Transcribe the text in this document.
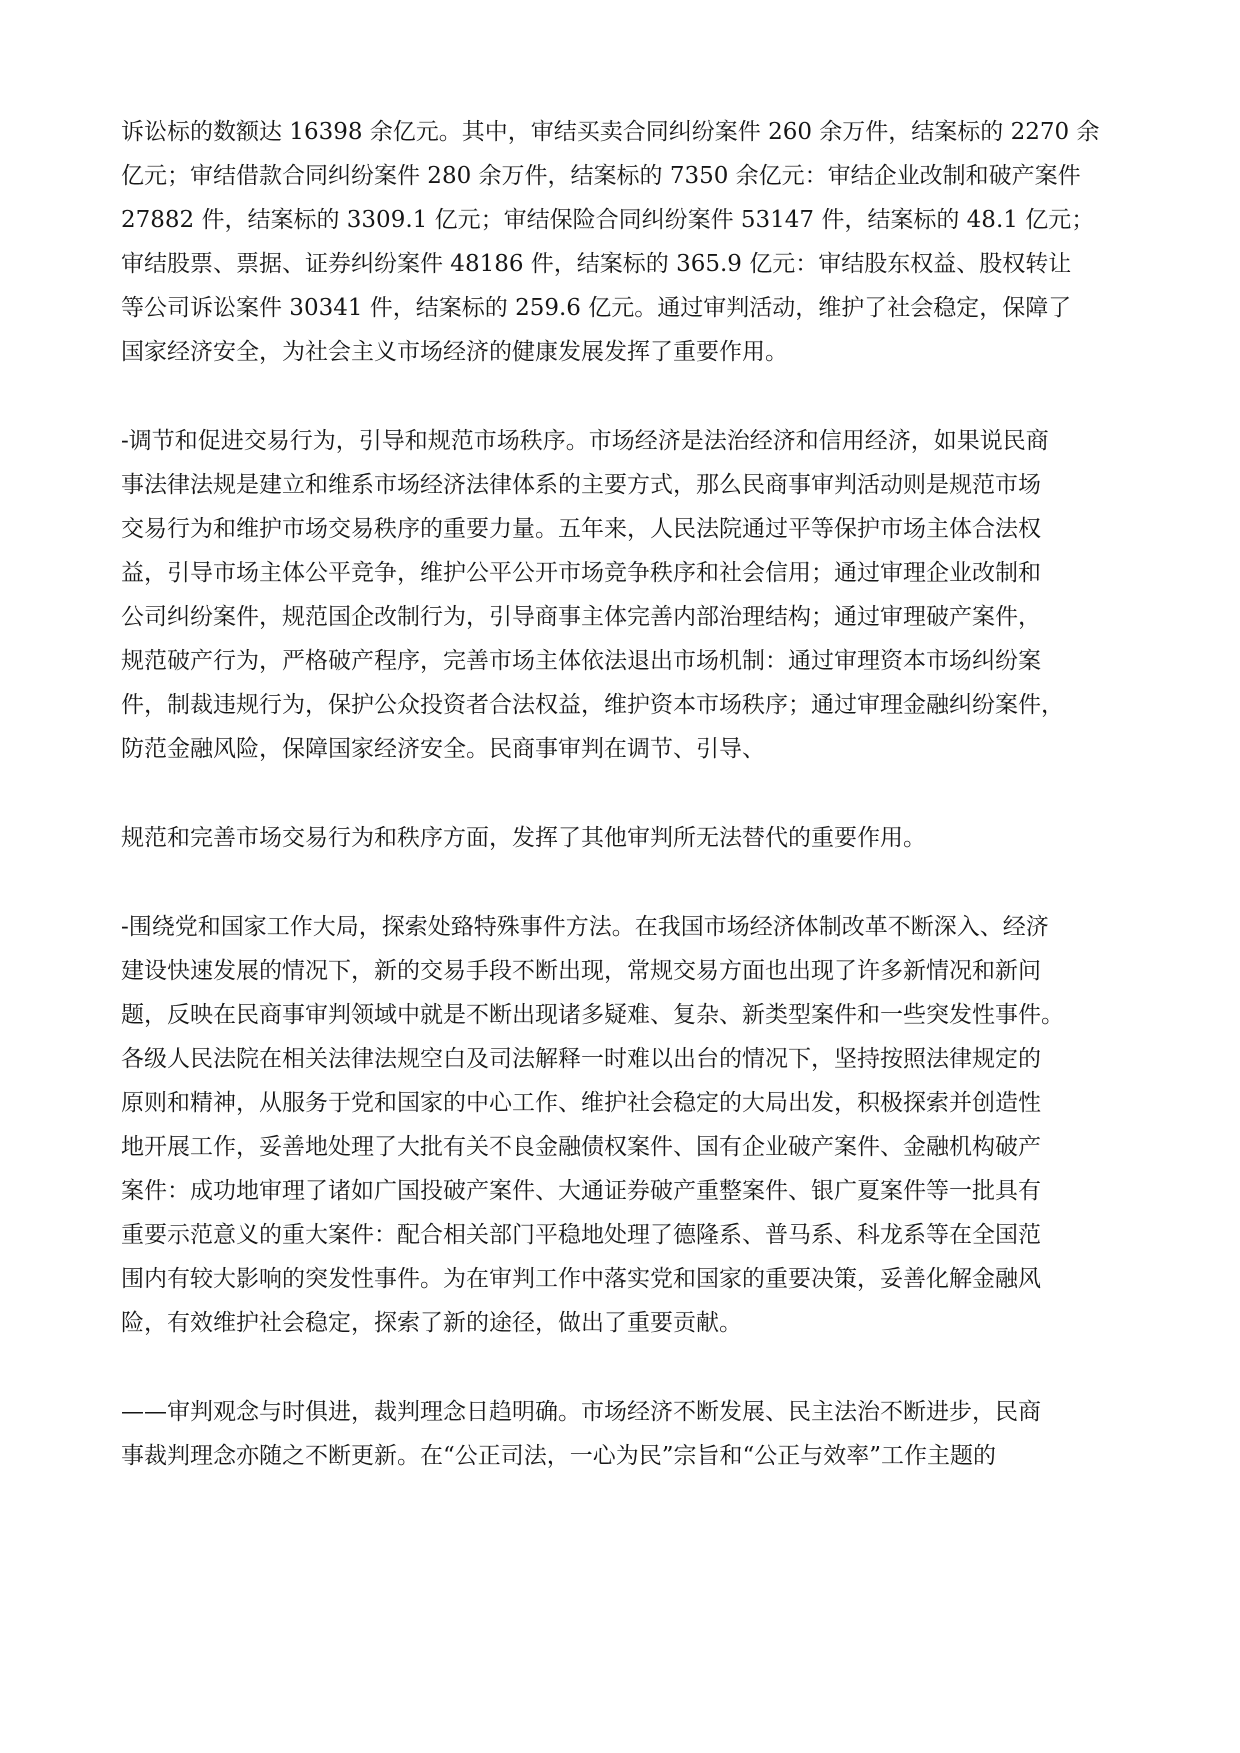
诉讼标的数额达 16398 余亿元。其中，审结买卖合同纠纷案件 260 余万件，结案标的 2270 余
亿元；审结借款合同纠纷案件 280 余万件，结案标的 7350 余亿元：审结企业改制和破产案件
27882 件，结案标的 3309.1 亿元；审结保险合同纠纷案件 53147 件，结案标的 48.1 亿元；
审结股票、票据、证券纠纷案件 48186 件，结案标的 365.9 亿元：审结股东权益、股权转让
等公司诉讼案件 30341 件，结案标的 259.6 亿元。通过审判活动，维护了社会稳定，保障了
国家经济安全，为社会主义市场经济的健康发展发挥了重要作用。
-调节和促进交易行为，引导和规范市场秩序。市场经济是法治经济和信用经济，如果说民商
事法律法规是建立和维系市场经济法律体系的主要方式，那么民商事审判活动则是规范市场
交易行为和维护市场交易秩序的重要力量。五年来，人民法院通过平等保护市场主体合法权
益，引导市场主体公平竞争，维护公平公开市场竞争秩序和社会信用；通过审理企业改制和
公司纠纷案件，规范国企改制行为，引导商事主体完善内部治理结构；通过审理破产案件，
规范破产行为，严格破产程序，完善市场主体依法退出市场机制：通过审理资本市场纠纷案
件，制裁违规行为，保护公众投资者合法权益，维护资本市场秩序；通过审理金融纠纷案件，
防范金融风险，保障国家经济安全。民商事审判在调节、引导、
规范和完善市场交易行为和秩序方面，发挥了其他审判所无法替代的重要作用。
-围绕党和国家工作大局，探索处臵特殊事件方法。在我国市场经济体制改革不断深入、经济
建设快速发展的情况下，新的交易手段不断出现，常规交易方面也出现了许多新情况和新问
题，反映在民商事审判领域中就是不断出现诸多疑难、复杂、新类型案件和一些突发性事件。
各级人民法院在相关法律法规空白及司法解释一时难以出台的情况下，坚持按照法律规定的
原则和精神，从服务于党和国家的中心工作、维护社会稳定的大局出发，积极探索并创造性
地开展工作，妥善地处理了大批有关不良金融债权案件、国有企业破产案件、金融机构破产
案件：成功地审理了诸如广国投破产案件、大通证券破产重整案件、银广夏案件等一批具有
重要示范意义的重大案件：配合相关部门平稳地处理了德隆系、普马系、科龙系等在全国范
围内有较大影响的突发性事件。为在审判工作中落实党和国家的重要决策，妥善化解金融风
险，有效维护社会稳定，探索了新的途径，做出了重要贡献。
——审判观念与时俱进，裁判理念日趋明确。市场经济不断发展、民主法治不断进步，民商
事裁判理念亦随之不断更新。在“公正司法，一心为民”宗旨和“公正与效率”工作主题的
